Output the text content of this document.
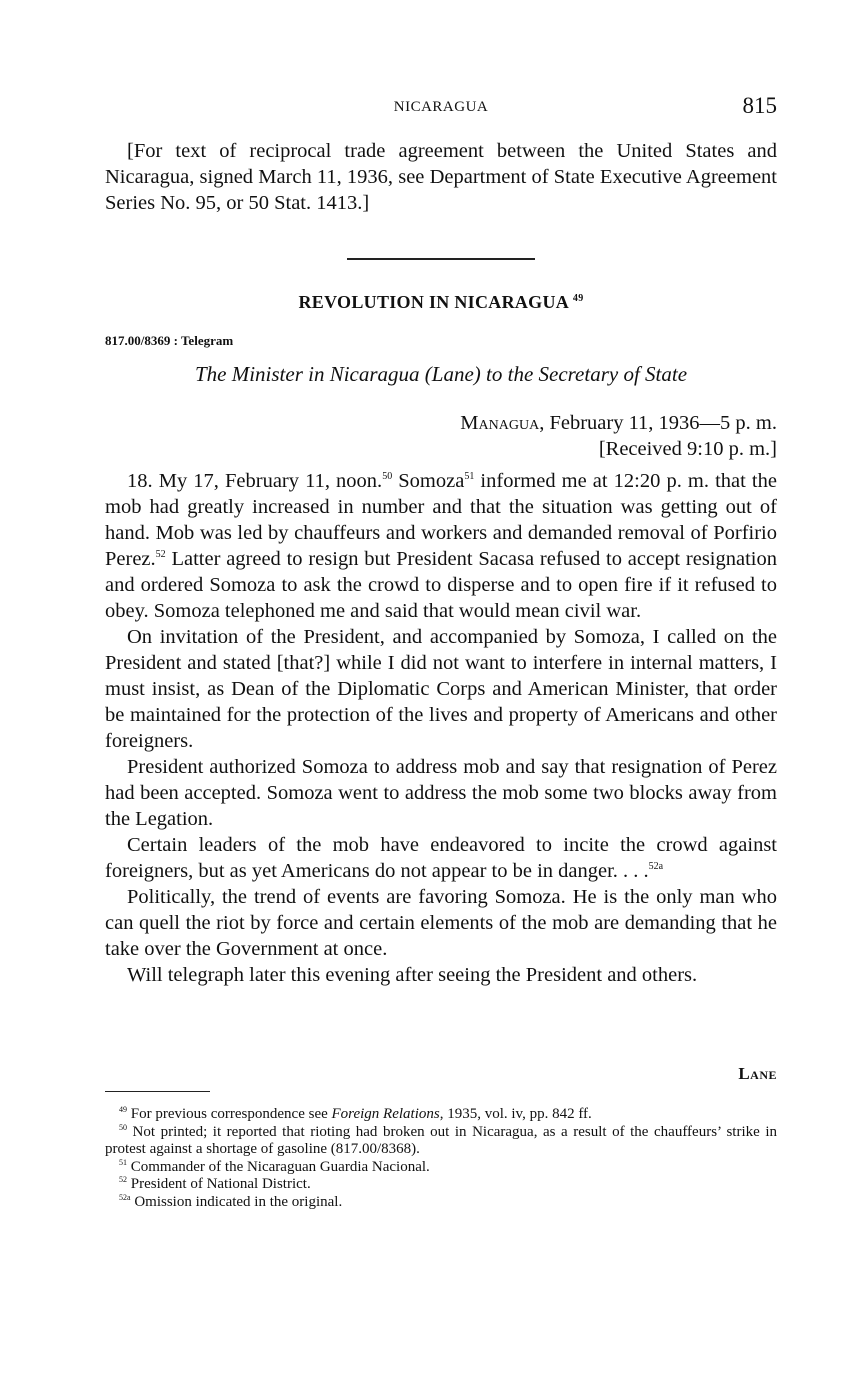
NICARAGUA	815

[For text of reciprocal trade agreement between the United States and Nicaragua, signed March 11, 1936, see Department of State Executive Agreement Series No. 95, or 50 Stat. 1413.]

REVOLUTION IN NICARAGUA $^{49}$
817.00/8369 : Telegram
The Minister in Nicaragua (Lane) to the Secretary of State
Managua, February 11, 1936—5 p. m.
[Received 9:10 p. m.]

18. My 17, February 11, noon.$^{50}$ Somoza$^{51}$ informed me at 12:20 p. m. that the mob had greatly increased in number and that the situation was getting out of hand. Mob was led by chauffeurs and workers and demanded removal of Porfirio Perez.$^{52}$ Latter agreed to resign but President Sacasa refused to accept resignation and ordered Somoza to ask the crowd to disperse and to open fire if it refused to obey. Somoza telephoned me and said that would mean civil war.

On invitation of the President, and accompanied by Somoza, I called on the President and stated [that?] while I did not want to interfere in internal matters, I must insist, as Dean of the Diplomatic Corps and American Minister, that order be maintained for the protection of the lives and property of Americans and other foreigners.

President authorized Somoza to address mob and say that resignation of Perez had been accepted. Somoza went to address the mob some two blocks away from the Legation.

Certain leaders of the mob have endeavored to incite the crowd against foreigners, but as yet Americans do not appear to be in danger. . . .$^{52a}$

Politically, the trend of events are favoring Somoza. He is the only man who can quell the riot by force and certain elements of the mob are demanding that he take over the Government at once.

Will telegraph later this evening after seeing the President and others.

Lane

$^{49}$ For previous correspondence see Foreign Relations, 1935, vol. iv, pp. 842 ff.

$^{50}$ Not printed; it reported that rioting had broken out in Nicaragua, as a result of the chauffeurs’ strike in protest against a shortage of gasoline (817.00/8368).

$^{51}$ Commander of the Nicaraguan Guardia Nacional.

$^{52}$ President of National District.

$^{52a}$ Omission indicated in the original.
